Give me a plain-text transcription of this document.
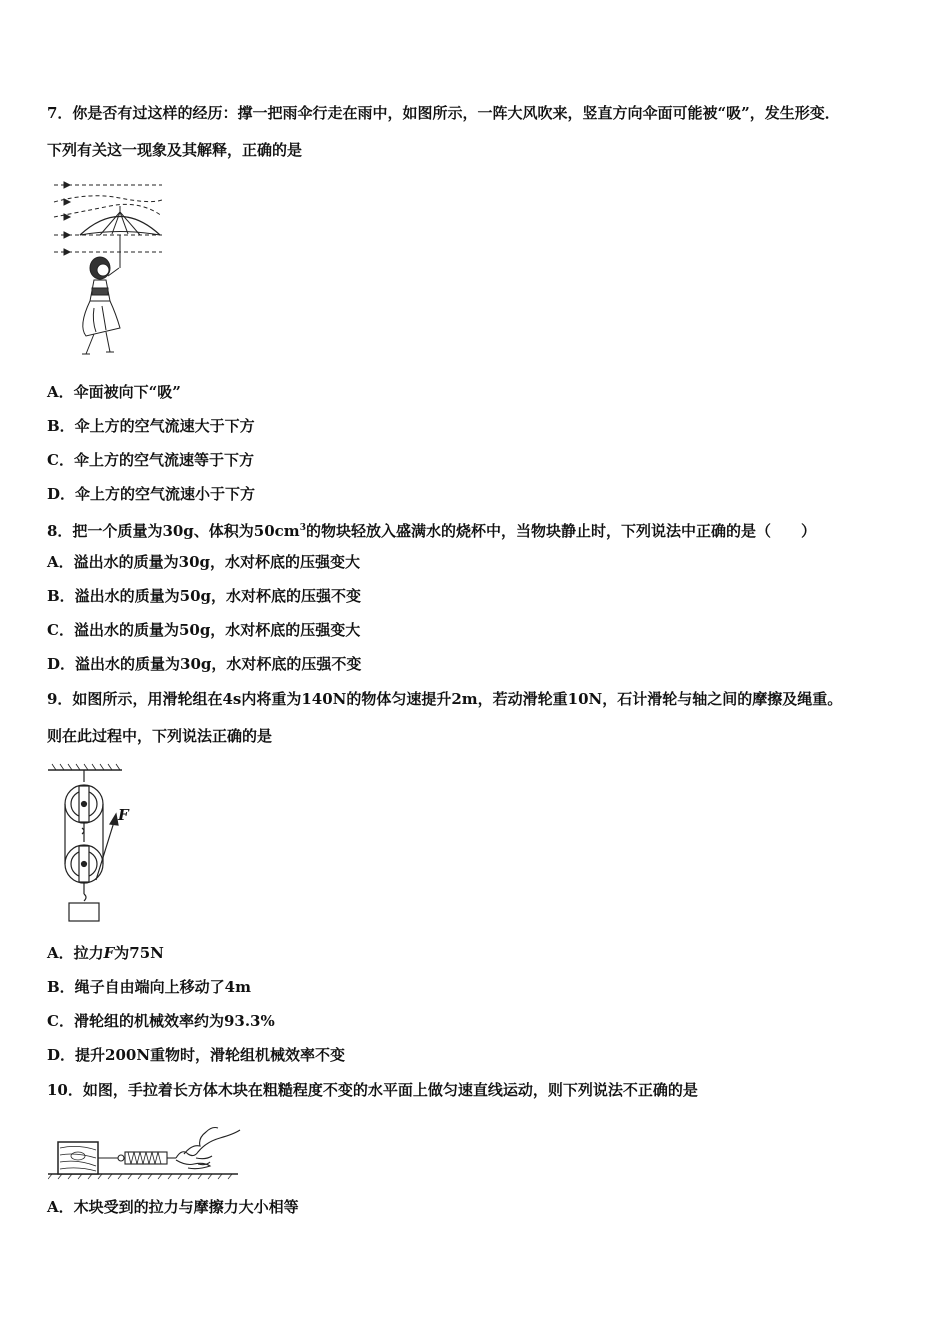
7．你是否有过这样的经历：撑一把雨伞行走在雨中，如图所示，一阵大风吹来，竖直方向伞面可能被“吸”，发生形变．
下列有关这一现象及其解释，正确的是
A．伞面被向下“吸”
B．伞上方的空气流速大于下方
C．伞上方的空气流速等于下方
D．伞上方的空气流速小于下方
8．把一个质量为30g、体积为$50cm^3$的物块轻放入盛满水的烧杯中，当物块静止时，下列说法中正确的是（　　）
A．溢出水的质量为30g，水对杯底的压强变大
B．溢出水的质量为50g，水对杯底的压强不变
C．溢出水的质量为50g，水对杯底的压强变大
D．溢出水的质量为30g，水对杯底的压强不变
9．如图所示，用滑轮组在4s内将重为140N的物体匀速提升2m，若动滑轮重10N，石计滑轮与轴之间的摩擦及绳重。
则在此过程中，下列说法正确的是
F
A．拉力F为75N
B．绳子自由端向上移动了4m
C．滑轮组的机械效率约为93.3%
D．提升200N重物时，滑轮组机械效率不变
10．如图，手拉着长方体木块在粗糙程度不变的水平面上做匀速直线运动，则下列说法不正确的是
A．木块受到的拉力与摩擦力大小相等
